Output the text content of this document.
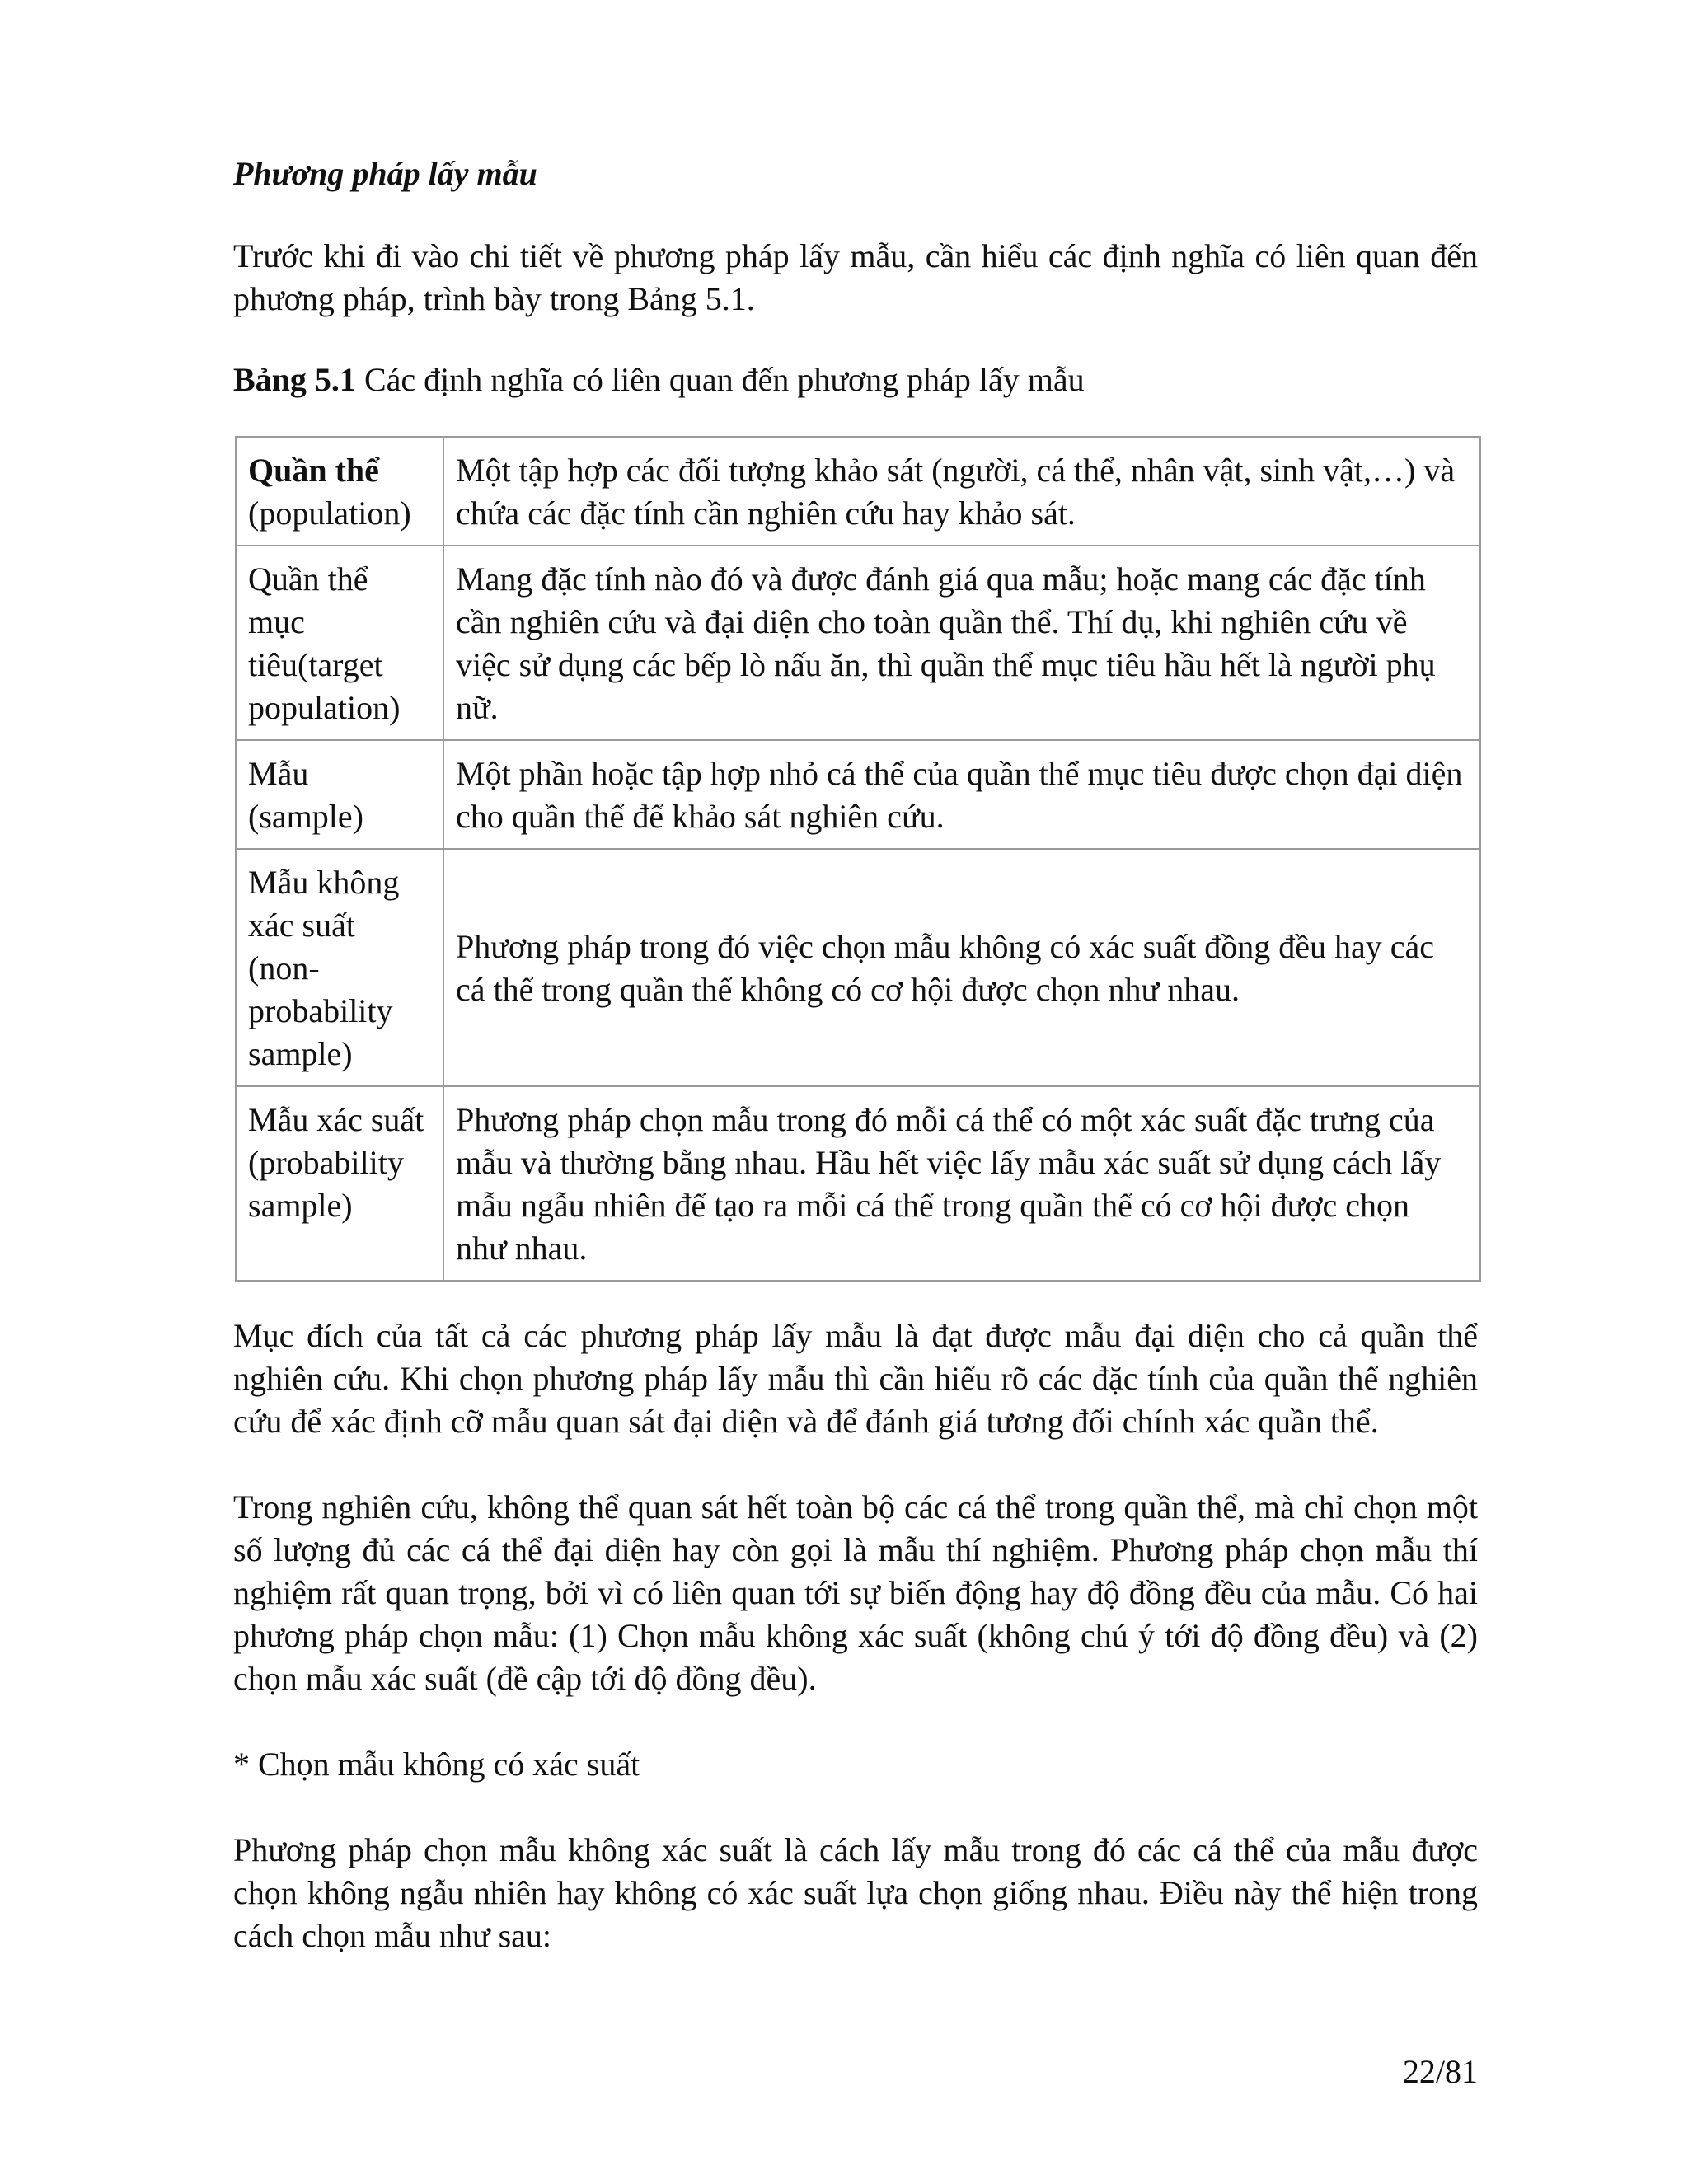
Phương pháp lấy mẫu

Trước khi đi vào chi tiết về phương pháp lấy mẫu, cần hiểu các định nghĩa có liên quan đến phương pháp, trình bày trong Bảng 5.1.

Bảng 5.1 Các định nghĩa có liên quan đến phương pháp lấy mẫu

Quần thể
(population)	Một tập hợp các đối tượng khảo sát (người, cá thể, nhân vật, sinh vật,…) và chứa các đặc tính cần nghiên cứu hay khảo sát.
Quần thể mục tiêu(target population)	Mang đặc tính nào đó và được đánh giá qua mẫu; hoặc mang các đặc tính cần nghiên cứu và đại diện cho toàn quần thể. Thí dụ, khi nghiên cứu về việc sử dụng các bếp lò nấu ăn, thì quần thể mục tiêu hầu hết là người phụ nữ.
Mẫu (sample)	Một phần hoặc tập hợp nhỏ cá thể của quần thể mục tiêu được chọn đại diện cho quần thể để khảo sát nghiên cứu.
Mẫu không xác suất (non-probability sample)	Phương pháp trong đó việc chọn mẫu không có xác suất đồng đều hay các cá thể trong quần thể không có cơ hội được chọn như nhau.
Mẫu xác suất (probability sample)	Phương pháp chọn mẫu trong đó mỗi cá thể có một xác suất đặc trưng của mẫu và thường bằng nhau. Hầu hết việc lấy mẫu xác suất sử dụng cách lấy mẫu ngẫu nhiên để tạo ra mỗi cá thể trong quần thể có cơ hội được chọn như nhau.

Mục đích của tất cả các phương pháp lấy mẫu là đạt được mẫu đại diện cho cả quần thể nghiên cứu. Khi chọn phương pháp lấy mẫu thì cần hiểu rõ các đặc tính của quần thể nghiên cứu để xác định cỡ mẫu quan sát đại diện và để đánh giá tương đối chính xác quần thể.

Trong nghiên cứu, không thể quan sát hết toàn bộ các cá thể trong quần thể, mà chỉ chọn một số lượng đủ các cá thể đại diện hay còn gọi là mẫu thí nghiệm. Phương pháp chọn mẫu thí nghiệm rất quan trọng, bởi vì có liên quan tới sự biến động hay độ đồng đều của mẫu. Có hai phương pháp chọn mẫu: (1) Chọn mẫu không xác suất (không chú ý tới độ đồng đều) và (2) chọn mẫu xác suất (đề cập tới độ đồng đều).

* Chọn mẫu không có xác suất

Phương pháp chọn mẫu không xác suất là cách lấy mẫu trong đó các cá thể của mẫu được chọn không ngẫu nhiên hay không có xác suất lựa chọn giống nhau. Điều này thể hiện trong cách chọn mẫu như sau:

22/81
